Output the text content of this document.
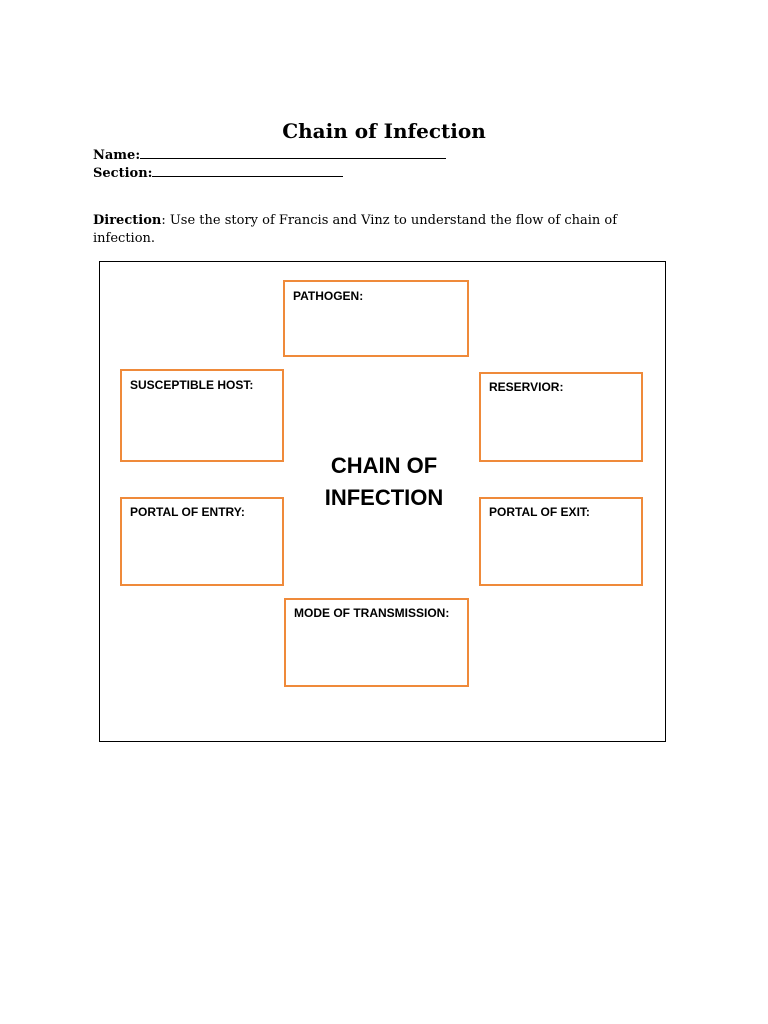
Chain of Infection
Name:
Section:
Direction: Use the story of Francis and Vinz to understand the flow of chain of infection.
PATHOGEN:
SUSCEPTIBLE HOST:	RESERVIOR:
PORTAL OF ENTRY:	PORTAL OF EXIT:
MODE OF TRANSMISSION:
CHAIN OF INFECTION
